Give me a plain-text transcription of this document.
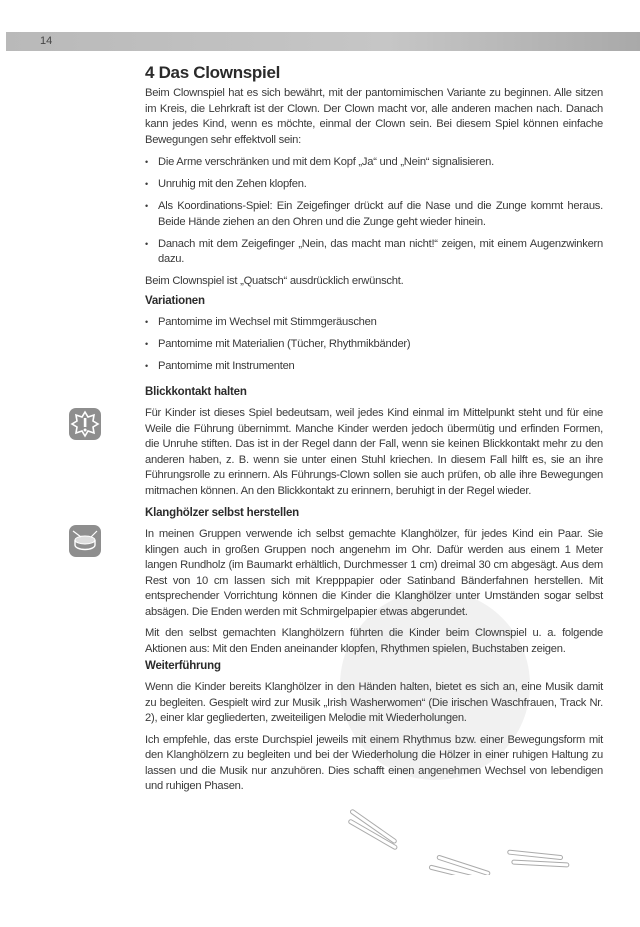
14
4 Das Clownspiel

Beim Clownspiel hat es sich bewährt, mit der pantomimischen Variante zu beginnen. Alle sitzen im Kreis, die Lehrkraft ist der Clown. Der Clown macht vor, alle anderen machen nach. Danach kann jedes Kind, wenn es möchte, einmal der Clown sein. Bei diesem Spiel können einfache Bewegungen sehr effektvoll sein:

• Die Arme verschränken und mit dem Kopf „Ja“ und „Nein“ signalisieren.
• Unruhig mit den Zehen klopfen.
• Als Koordinations-Spiel: Ein Zeigefinger drückt auf die Nase und die Zunge kommt heraus. Beide Hände ziehen an den Ohren und die Zunge geht wieder hinein.
• Danach mit dem Zeigefinger „Nein, das macht man nicht!“ zeigen, mit einem Augenzwinkern dazu.

Beim Clownspiel ist „Quatsch“ ausdrücklich erwünscht.

Variationen
• Pantomime im Wechsel mit Stimmgeräuschen
• Pantomime mit Materialien (Tücher, Rhythmikbänder)
• Pantomime mit Instrumenten
Blickkontakt halten

Für Kinder ist dieses Spiel bedeutsam, weil jedes Kind einmal im Mittelpunkt steht und für eine Weile die Führung übernimmt. Manche Kinder werden jedoch übermütig und erfinden Formen, die Unruhe stiften. Das ist in der Regel dann der Fall, wenn sie keinen Blickkontakt mehr zu den anderen haben, z. B. wenn sie unter einen Stuhl kriechen. In diesem Fall hilft es, sie an ihre Führungsrolle zu erinnern. Als Führungs-Clown sollen sie auch prüfen, ob alle ihre Bewegungen mitmachen können. An den Blickkontakt zu erinnern, beruhigt in der Regel wieder.

Klanghölzer selbst herstellen

In meinen Gruppen verwende ich selbst gemachte Klanghölzer, für jedes Kind ein Paar. Sie klingen auch in großen Gruppen noch angenehm im Ohr. Dafür werden aus einem 1 Meter langen Rundholz (im Baumarkt erhältlich, Durchmesser 1 cm) dreimal 30 cm abgesägt. Aus dem Rest von 10 cm lassen sich mit Krepppapier oder Satinband Bänderfahnen herstellen. Mit entsprechender Vorrichtung können die Kinder die Klanghölzer unter Umständen sogar selbst absägen. Die Enden werden mit Schmirgelpapier etwas abgerundet.

Mit den selbst gemachten Klanghölzern führten die Kinder beim Clownspiel u. a. folgende Aktionen aus: Mit den Enden aneinander klopfen, Rhythmen spielen, Buchstaben zeigen.

Weiterführung

Wenn die Kinder bereits Klanghölzer in den Händen halten, bietet es sich an, eine Musik damit zu begleiten. Gespielt wird zur Musik „Irish Washerwomen“ (Die irischen Waschfrauen, Track Nr. 2), einer klar gegliederten, zweiteiligen Melodie mit Wiederholungen.

Ich empfehle, das erste Durchspiel jeweils mit einem Rhythmus bzw. einer Bewegungsform mit den Klanghölzern zu begleiten und bei der Wiederholung die Hölzer in einer ruhigen Haltung zu lassen und die Musik nur anzuhören. Dies schafft einen angenehmen Wechsel von lebendigen und ruhigen Phasen.
